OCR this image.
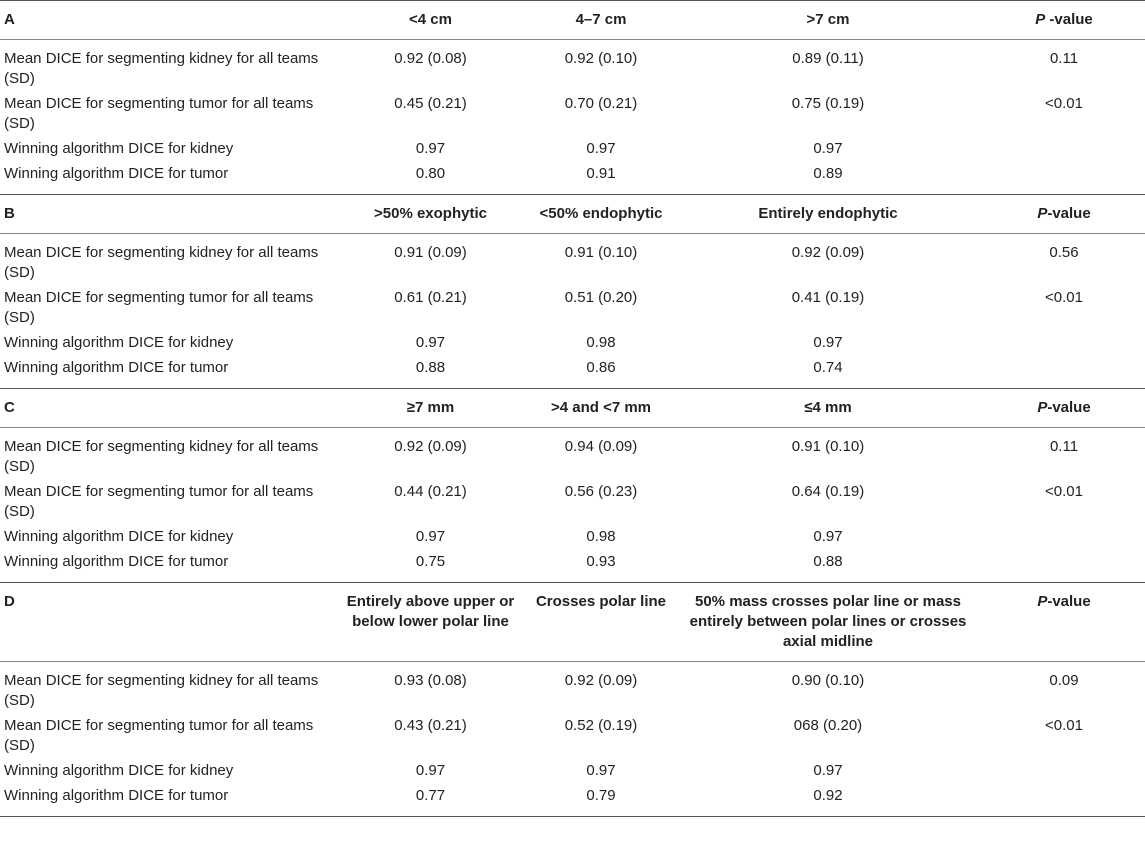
A	<4 cm	4–7 cm	>7 cm	P -value
Mean DICE for segmenting kidney for all teams (SD)	0.92 (0.08)	0.92 (0.10)	0.89 (0.11)	0.11
Mean DICE for segmenting tumor for all teams (SD)	0.45 (0.21)	0.70 (0.21)	0.75 (0.19)	<0.01
Winning algorithm DICE for kidney	0.97	0.97	0.97	
Winning algorithm DICE for tumor	0.80	0.91	0.89	
B	>50% exophytic	<50% endophytic	Entirely endophytic	P-value
Mean DICE for segmenting kidney for all teams (SD)	0.91 (0.09)	0.91 (0.10)	0.92 (0.09)	0.56
Mean DICE for segmenting tumor for all teams (SD)	0.61 (0.21)	0.51 (0.20)	0.41 (0.19)	<0.01
Winning algorithm DICE for kidney	0.97	0.98	0.97	
Winning algorithm DICE for tumor	0.88	0.86	0.74	
C	≥7 mm	>4 and <7 mm	≤4 mm	P-value
Mean DICE for segmenting kidney for all teams (SD)	0.92 (0.09)	0.94 (0.09)	0.91 (0.10)	0.11
Mean DICE for segmenting tumor for all teams (SD)	0.44 (0.21)	0.56 (0.23)	0.64 (0.19)	<0.01
Winning algorithm DICE for kidney	0.97	0.98	0.97	
Winning algorithm DICE for tumor	0.75	0.93	0.88	
D	Entirely above upper or below lower polar line	Crosses polar line	50% mass crosses polar line or mass entirely between polar lines or crosses axial midline	P-value
Mean DICE for segmenting kidney for all teams (SD)	0.93 (0.08)	0.92 (0.09)	0.90 (0.10)	0.09
Mean DICE for segmenting tumor for all teams (SD)	0.43 (0.21)	0.52 (0.19)	068 (0.20)	<0.01
Winning algorithm DICE for kidney	0.97	0.97	0.97	
Winning algorithm DICE for tumor	0.77	0.79	0.92	
